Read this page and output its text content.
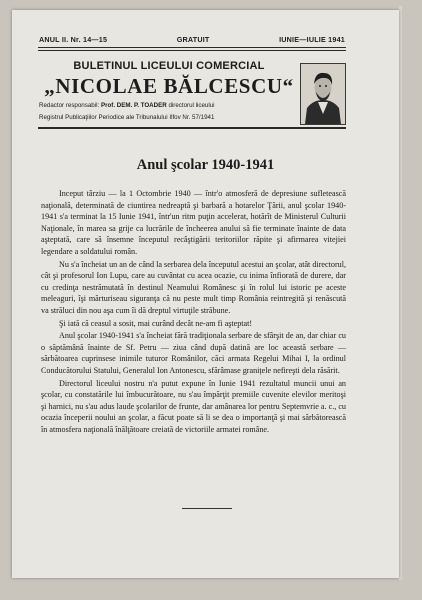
ANUL II. Nr. 14—15	GRATUIT	IUNIE—IULIE 1941
BULETINUL LICEULUI COMERCIAL
„NICOLAE BĂLCESCU“
Redactor responsabil: Prof. DEM. P. TOADER directorul liceului
Registrul Publicaţiilor Periodice ale Tribunalului Ilfov Nr. 57/1941
Anul şcolar 1940-1941

Inceput târziu — la 1 Octombrie 1940 — într'o atmosferă de depresiune sufletească naţională, determinată de ciuntirea nedreaptă şi barbară a hotarelor Ţării, anul şcolar 1940-1941 s'a terminat la 15 Iunie 1941, într'un ritm puţin accelerat, hotărît de Ministerul Culturii Naţionale, în marea sa grije ca lucrările de încheerea anului să fie terminate înainte de data aşteptată, care să însemne începutul recâştigării teritoriilor răpite şi afirmarea vitejiei legendare a soldatului român.

Nu s'a încheiat un an de când la serbarea dela începutul acestui an şcolar, atât directorul, cât şi profesorul Ion Lupu, care au cuvântat cu acea ocazie, cu inima înfiorată de durere, dar cu credinţa nestrămutată în destinul Neamului Românesc şi în rolul lui istoric pe aceste meleaguri, îşi mărturiseau siguranţa că nu peste mult timp România reintregită şi renăscută va străluci din nou aşa cum îi dă dreptul virtuţile străbune.

Şi iată că ceasul a sosit, mai curând decât ne-am fi aşteptat!

Anul şcolar 1940-1941 s'a încheiat fără tradiţionala serbare de sfârşit de an, dar chiar cu o săptămână înainte de Sf. Petru — ziua când după datină are loc această serbare — sărbătoarea cuprinsese inimile tuturor Românilor, căci armata Regelui Mihai I, la ordinul Conducătorului Statului, Generalul Ion Antonescu, sfărâmase granițele nefireşti dela răsărit.

Directorul liceului nostru n'a putut expune în Iunie 1941 rezultatul muncii unui an şcolar, cu constatările lui îmbucurătoare, nu s'au împărţit premiile cuvenite elevilor meritoşi şi harnici, nu s'au adus laude şcolarilor de frunte, dar amânarea lor pentru Septemvrie a. c., cu ocazia începerii noului an şcolar, a făcut poate să li se dea o importanţă şi mai sărbătorească în atmosfera naţională înălţătoare creiată de victoriile armatei române.
